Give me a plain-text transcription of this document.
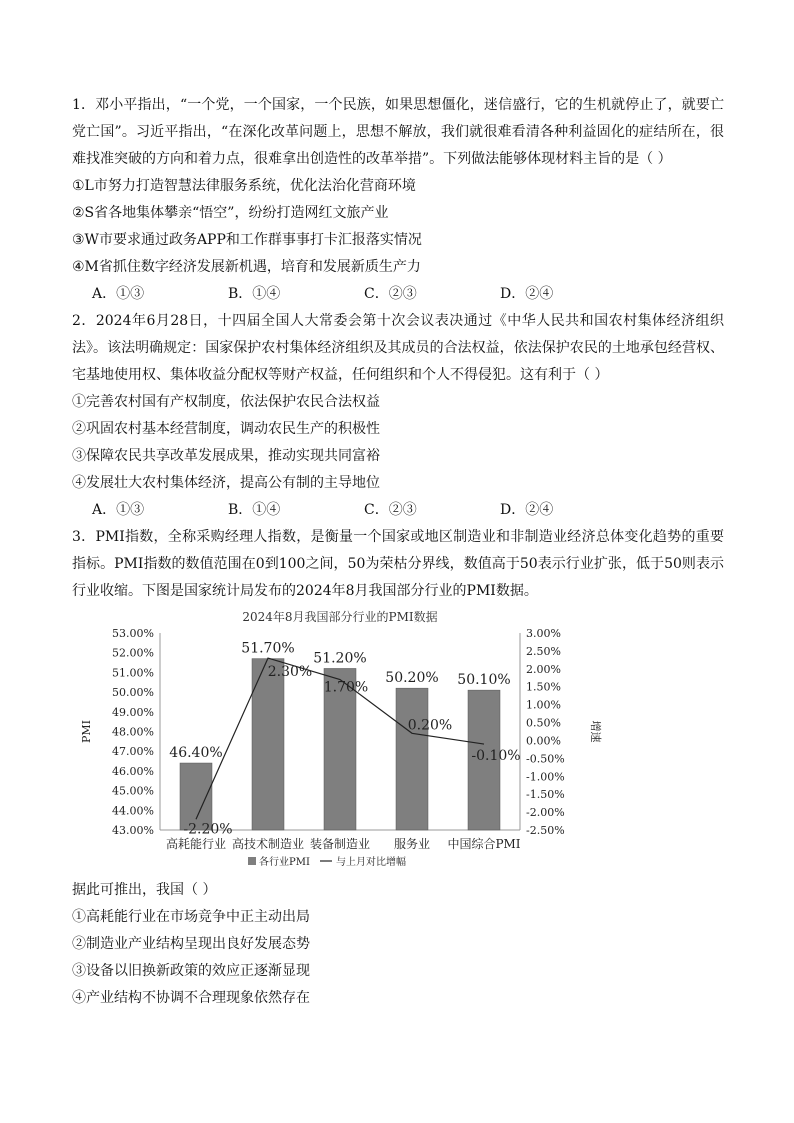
1．邓小平指出，“一个党，一个国家，一个民族，如果思想僵化，迷信盛行，它的生机就停止了，就要亡党亡国”。习近平指出，“在深化改革问题上，思想不解放，我们就很难看清各种利益固化的症结所在，很难找准突破的方向和着力点，很难拿出创造性的改革举措”。下列做法能够体现材料主旨的是（ ）

①L市努力打造智慧法律服务系统，优化法治化营商环境

②S省各地集体攀亲“悟空”，纷纷打造网红文旅产业

③W市要求通过政务APP和工作群事事打卡汇报落实情况

④M省抓住数字经济发展新机遇，培育和发展新质生产力

A．①③	B．①④	C．②③	D．②④

2．2024年6月28日，十四届全国人大常委会第十次会议表决通过《中华人民共和国农村集体经济组织法》。该法明确规定：国家保护农村集体经济组织及其成员的合法权益，依法保护农民的土地承包经营权、宅基地使用权、集体收益分配权等财产权益，任何组织和个人不得侵犯。这有利于（ ）

①完善农村国有产权制度，依法保护农民合法权益

②巩固农村基本经营制度，调动农民生产的积极性

③保障农民共享改革发展成果，推动实现共同富裕

④发展壮大农村集体经济，提高公有制的主导地位

A．①③	B．①④	C．②③	D．②④

3．PMI指数，全称采购经理人指数，是衡量一个国家或地区制造业和非制造业经济总体变化趋势的重要指标。PMI指数的数值范围在0到100之间，50为荣枯分界线，数值高于50表示行业扩张，低于50则表示行业收缩。下图是国家统计局发布的2024年8月我国部分行业的PMI数据。

2024年8月我国部分行业的PMI数据
43.00%
44.00%
45.00%
46.00%
47.00%
48.00%
49.00%
50.00%
51.00%
52.00%
53.00%
-2.50%
-2.00%
-1.50%
-1.00%
-0.50%
0.00%
0.50%
1.00%
1.50%
2.00%
2.50%
3.00%
PMI	增速
46.40%
高耗能行业
51.70%
高技术制造业
51.20%
装备制造业
50.20%
服务业
50.10%
中国综合PMI
-2.20%
2.30%
1.70%
0.20%
-0.10%
各行业PMI	与上月对比增幅

据此可推出，我国（ ）

①高耗能行业在市场竞争中正主动出局

②制造业产业结构呈现出良好发展态势

③设备以旧换新政策的效应正逐渐显现

④产业结构不协调不合理现象依然存在
